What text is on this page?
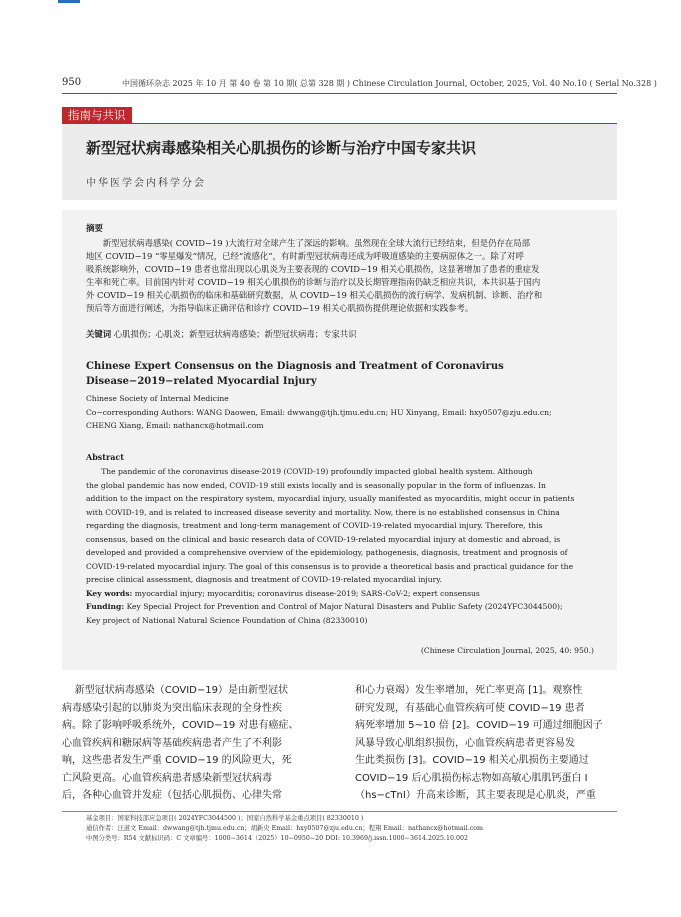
950	中国循环杂志 2025 年 10 月 第 40 卷 第 10 期( 总第 328 期 ) Chinese Circulation Journal, October, 2025, Vol. 40 No.10 ( Serial No.328 )
指南与共识
新型冠状病毒感染相关心肌损伤的诊断与治疗中国专家共识
中华医学会内科学分会
摘要
新型冠状病毒感染( COVID−19 )大流行对全球产生了深远的影响。虽然现在全球大流行已经结束，但是仍存在局部
地区 COVID−19 “零星爆发”情况，已经“流感化”，有时新型冠状病毒还成为呼吸道感染的主要病原体之一。除了对呼
吸系统影响外，COVID−19 患者也常出现以心肌炎为主要表现的 COVID−19 相关心肌损伤，这显著增加了患者的重症发
生率和死亡率。目前国内针对 COVID−19 相关心肌损伤的诊断与治疗以及长期管理指南仍缺乏相应共识，本共识基于国内
外 COVID−19 相关心肌损伤的临床和基础研究数据，从 COVID−19 相关心肌损伤的流行病学、发病机制、诊断、治疗和
预后等方面进行阐述，为指导临床正确评估和诊疗 COVID−19 相关心肌损伤提供理论依据和实践参考。
关键词 心肌损伤；心肌炎；新型冠状病毒感染；新型冠状病毒；专家共识
Chinese Expert Consensus on the Diagnosis and Treatment of Coronavirus Disease−2019−related Myocardial Injury
Chinese Society of Internal Medicine
Co−corresponding Authors: WANG Daowen, Email: dwwang@tjh.tjmu.edu.cn; HU Xinyang, Email: hxy0507@zju.edu.cn;
CHENG Xiang, Email: nathancx@hotmail.com
Abstract
The pandemic of the coronavirus disease-2019 (COVID-19) profoundly impacted global health system. Although
the global pandemic has now ended, COVID-19 still exists locally and is seasonally popular in the form of influenzas. In
addition to the impact on the respiratory system, myocardial injury, usually manifested as myocarditis, might occur in patients
with COVID-19, and is related to increased disease severity and mortality. Now, there is no established consensus in China
regarding the diagnosis, treatment and long-term management of COVID-19-related myocardial injury. Therefore, this
consensus, based on the clinical and basic research data of COVID-19-related myocardial injury at domestic and abroad, is
developed and provided a comprehensive overview of the epidemiology, pathogenesis, diagnosis, treatment and prognosis of
COVID-19-related myocardial injury. The goal of this consensus is to provide a theoretical basis and practical guidance for the
precise clinical assessment, diagnosis and treatment of COVID-19-related myocardial injury.
Key words: myocardial injury; myocarditis; coronavirus disease-2019; SARS-CoV-2; expert consensus
Funding: Key Special Project for Prevention and Control of Major Natural Disasters and Public Safety (2024YFC3044500);
Key project of National Natural Science Foundation of China (82330010)
(Chinese Circulation Journal, 2025, 40: 950.)
新型冠状病毒感染（COVID−19）是由新型冠状
病毒感染引起的以肺炎为突出临床表现的全身性疾
病。除了影响呼吸系统外，COVID−19 对患有癌症、
心血管疾病和糖尿病等基础疾病患者产生了不利影
响，这些患者发生严重 COVID−19 的风险更大，死
亡风险更高。心血管疾病患者感染新型冠状病毒
后，各种心血管并发症（包括心肌损伤、心律失常
和心力衰竭）发生率增加，死亡率更高 [1]。观察性
研究发现，有基础心血管疾病可使 COVID−19 患者
病死率增加 5~10 倍 [2]。COVID−19 可通过细胞因子
风暴导致心肌组织损伤，心血管疾病患者更容易发
生此类损伤 [3]。COVID−19 相关心肌损伤主要通过
COVID−19 后心肌损伤标志物如高敏心肌肌钙蛋白 I
（hs−cTnI）升高来诊断，其主要表现是心肌炎，严重
基金项目：国家科技部应急项目( 2024YFC3044500 )；国家自然科学基金重点项目( 82330010 )
通信作者：汪道文 Email：dwwang@tjh.tjmu.edu.cn；胡新央 Email：hxy0507@zju.edu.cn；程翔 Email：nathancx@hotmail.com
中图分类号：R54 文献标识码：C 文章编号：1000−3614（2025）10−0950−20 DOI: 10.3969/j.issn.1000−3614.2025.10.002
